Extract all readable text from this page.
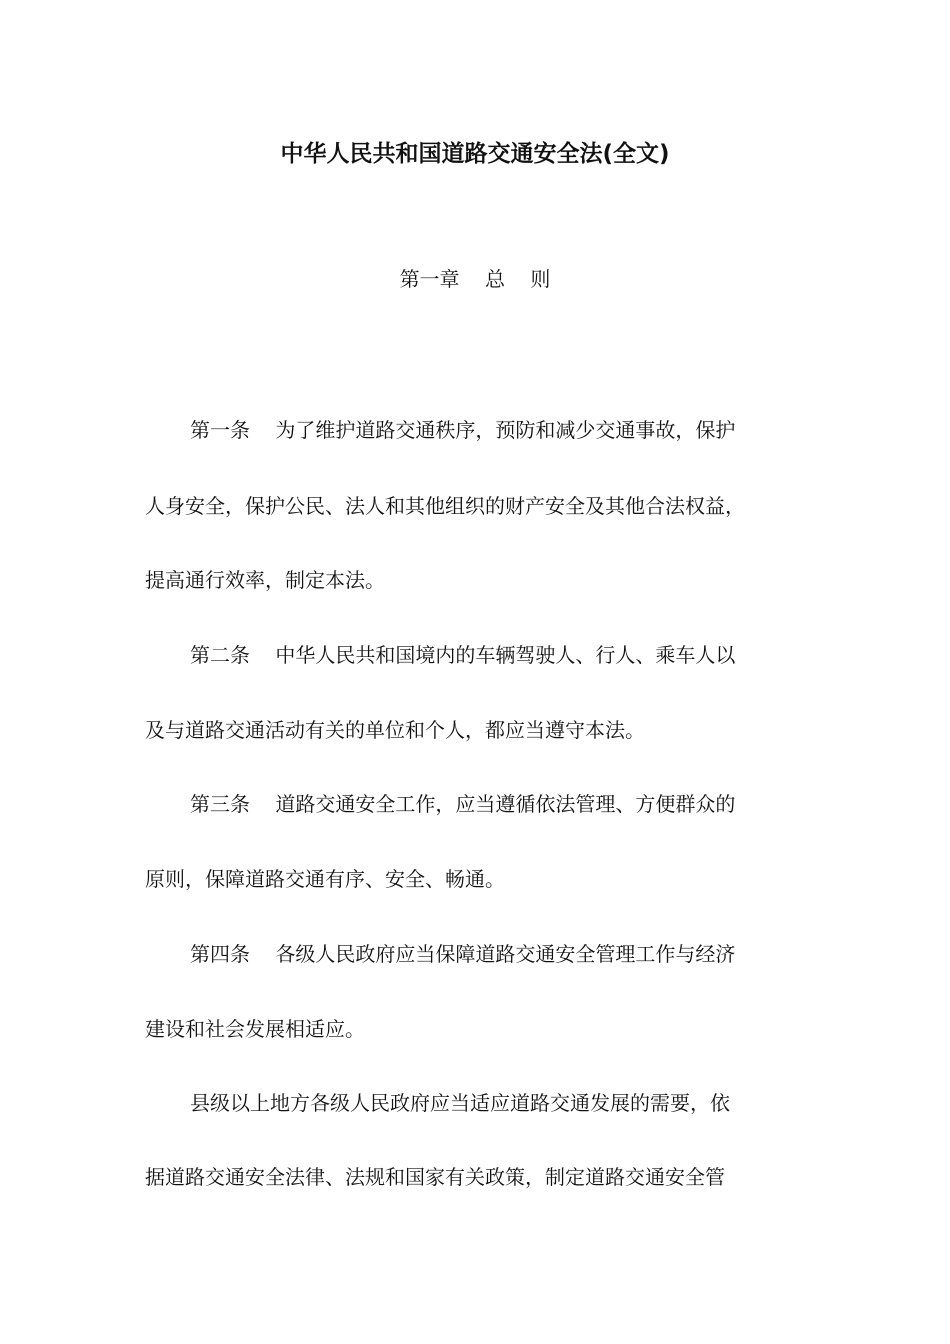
中华人民共和国道路交通安全法(全文)
第一章    总    则
第一条    为了维护道路交通秩序，预防和减少交通事故，保护
人身安全，保护公民、法人和其他组织的财产安全及其他合法权益，
提高通行效率，制定本法。
第二条    中华人民共和国境内的车辆驾驶人、行人、乘车人以
及与道路交通活动有关的单位和个人，都应当遵守本法。
第三条    道路交通安全工作，应当遵循依法管理、方便群众的
原则，保障道路交通有序、安全、畅通。
第四条    各级人民政府应当保障道路交通安全管理工作与经济
建设和社会发展相适应。
县级以上地方各级人民政府应当适应道路交通发展的需要，依
据道路交通安全法律、法规和国家有关政策，制定道路交通安全管
